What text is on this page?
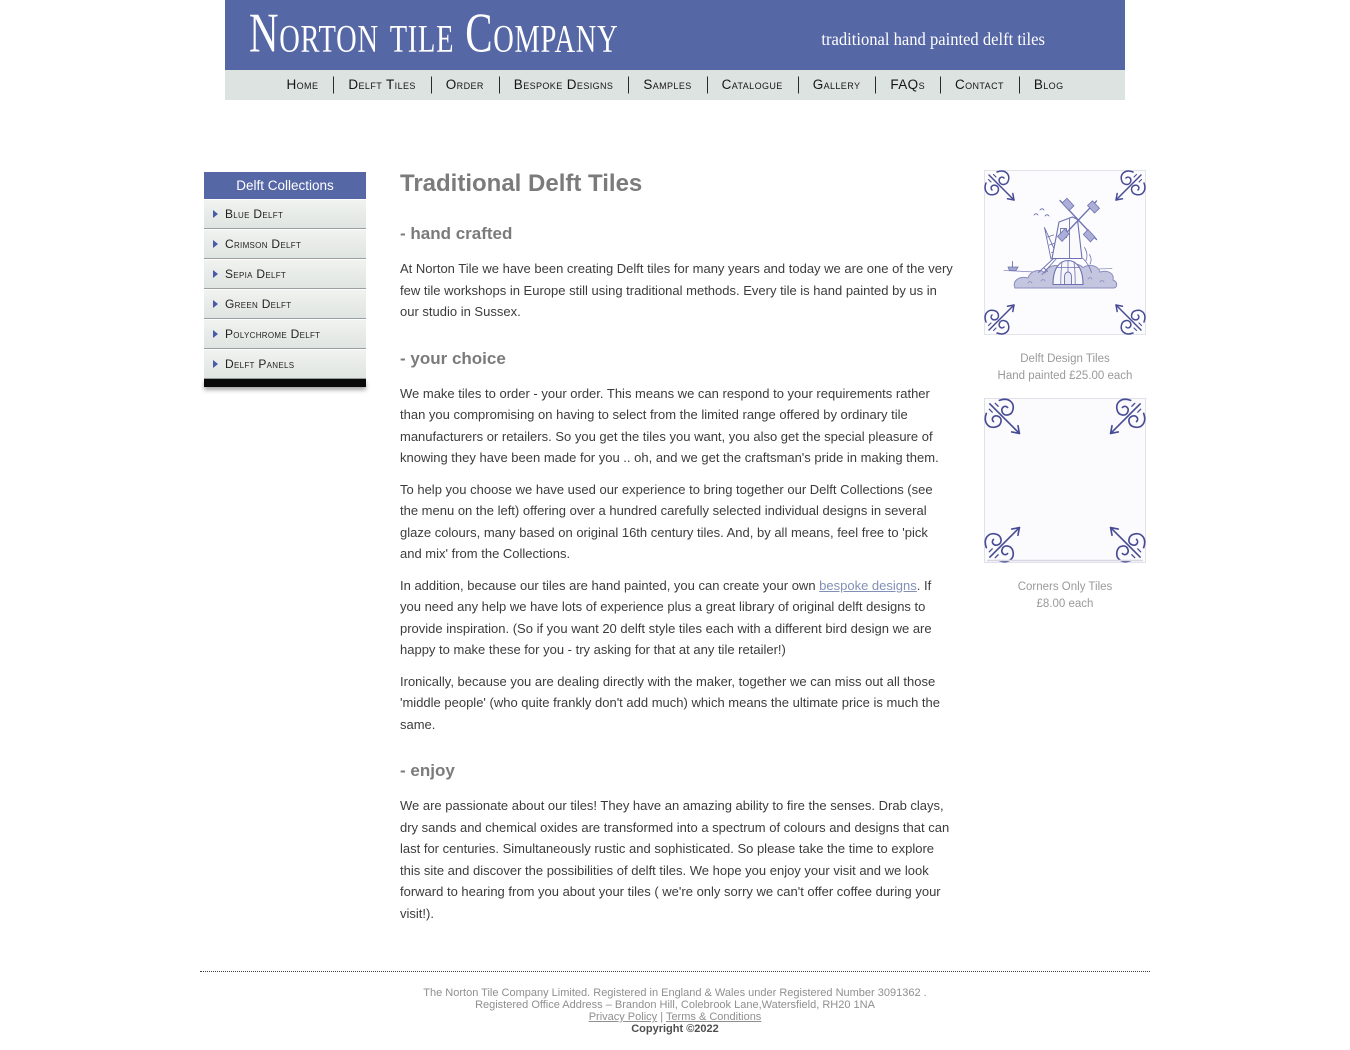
Norton tile Company	traditional hand painted delft tiles
Home	Delft Tiles	Order	Bespoke Designs	Samples	Catalogue	Gallery	FAQs	Contact	Blog
Delft Collections
Blue Delft
Crimson Delft
Sepia Delft
Green Delft
Polychrome Delft
Delft Panels
Traditional Delft Tiles
- hand crafted

At Norton Tile we have been creating Delft tiles for many years and today we are one of the very few tile workshops in Europe still using traditional methods. Every tile is hand painted by us in our studio in Sussex.

- your choice

We make tiles to order - your order. This means we can respond to your requirements rather than you compromising on having to select from the limited range offered by ordinary tile manufacturers or retailers. So you get the tiles you want, you also get the special pleasure of knowing they have been made for you .. oh, and we get the craftsman's pride in making them.

To help you choose we have used our experience to bring together our Delft Collections (see the menu on the left) offering over a hundred carefully selected individual designs in several glaze colours, many based on original 16th century tiles. And, by all means, feel free to 'pick and mix' from the Collections.

In addition, because our tiles are hand painted, you can create your own bespoke designs. If you need any help we have lots of experience plus a great library of original delft designs to provide inspiration. (So if you want 20 delft style tiles each with a different bird design we are happy to make these for you - try asking for that at any tile retailer!)

Ironically, because you are dealing directly with the maker, together we can miss out all those 'middle people' (who quite frankly don't add much) which means the ultimate price is much the same.

- enjoy

We are passionate about our tiles! They have an amazing ability to fire the senses. Drab clays, dry sands and chemical oxides are transformed into a spectrum of colours and designs that can last for centuries. Simultaneously rustic and sophisticated. So please take the time to explore this site and discover the possibilities of delft tiles. We hope you enjoy your visit and we look forward to hearing from you about your tiles ( we're only sorry we can't offer coffee during your visit!).

Delft Design Tiles
Hand painted £25.00 each
Corners Only Tiles
£8.00 each
The Norton Tile Company Limited. Registered in England & Wales under Registered Number 3091362 .
Registered Office Address – Brandon Hill, Colebrook Lane,Watersfield, RH20 1NA
Privacy Policy | Terms & Conditions
Copyright ©2022
